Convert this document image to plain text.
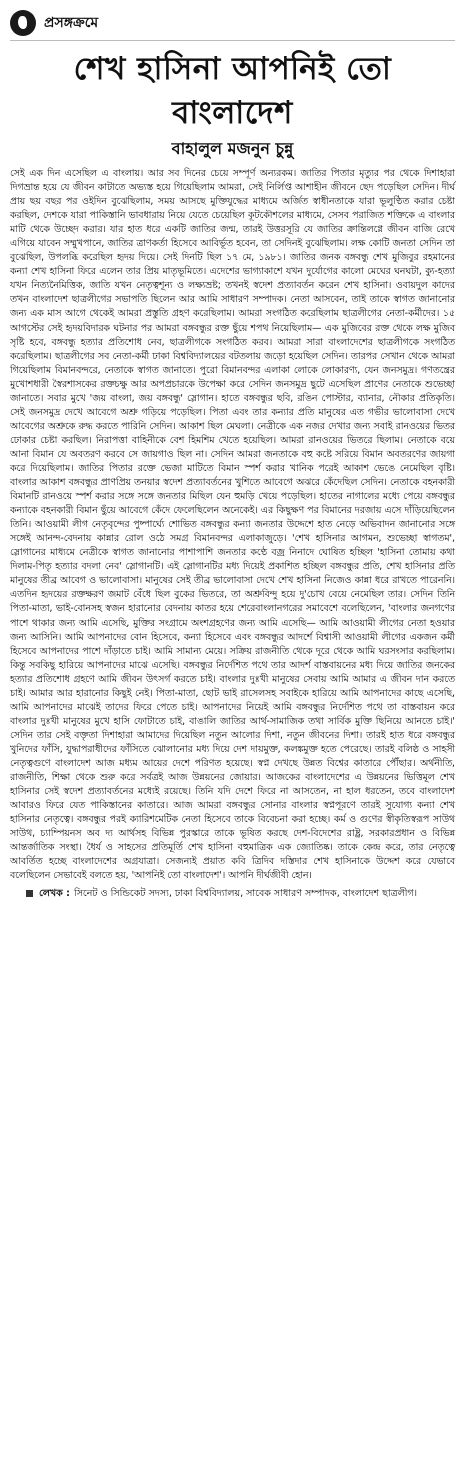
প্রসঙ্গক্রমে
শেখ হাসিনা আপনিই তো বাংলাদেশ
বাহালুল মজনুন চুন্নু

সেই এক দিন এসেছিল এ বাংলায়। আর সব দিনের চেয়ে সম্পূর্ণ অন্যরকম। জাতির পিতার মৃত্যুর পর থেকে দিশাহারা দিগভ্রান্ত হয়ে যে জীবন কাটাতে অভ্যস্ত হয়ে গিয়েছিলাম আমরা, সেই নির্লিপ্ত আশাহীন জীবনে ছেদ পড়েছিল সেদিন। দীর্ঘ প্রায় ছয় বছর পর ওইদিন বুঝেছিলাম, সময় আসছে মুক্তিযুদ্ধের মাধ্যমে অর্জিত স্বাধীনতাকে যারা ভূলুণ্ঠিত করার চেষ্টা করছিল, দেশকে যারা পাকিস্তানি ভাবধারায় নিয়ে যেতে চেয়েছিল কূটকৌশলের মাধ্যমে, সেসব পরাজিত শক্তিকে এ বাংলার মাটি থেকে উচ্ছেদ করার। যার হাত ধরে একটি জাতির জন্ম, তারই উত্তরসূরি যে জাতির ক্রান্তিলগ্নে জীবন বাজি রেখে এগিয়ে যাবেন সম্মুখপানে, জাতির ত্রাণকর্তা হিসেবে আবির্ভূত হবেন, তা সেদিনই বুঝেছিলাম। লক্ষ কোটি জনতা সেদিন তা বুঝেছিল, উপলব্ধি করেছিল হৃদয় দিয়ে। সেই দিনটি ছিল ১৭ মে, ১৯৮১। জাতির জনক বঙ্গবন্ধু শেখ মুজিবুর রহমানের কন্যা শেখ হাসিনা ফিরে এলেন তার প্রিয় মাতৃভূমিতে। এদেশের ভাগ্যাকাশে যখন দুর্যোগের কালো মেঘের ঘনঘটা, ক্যু-হত্যা যখন নিত্যনৈমিত্তিক, জাতি যখন নেতৃত্বশূন্য ও লক্ষ্যভ্রষ্ট; তখনই স্বদেশ প্রত্যাবর্তন করেন শেখ হাসিনা। ওবায়দুল কাদের তখন বাংলাদেশ ছাত্রলীগের সভাপতি ছিলেন আর আমি সাধারণ সম্পাদক। নেতা আসবেন, তাই তাকে স্বাগত জানানোর জন্য এক মাস আগে থেকেই আমরা প্রস্তুতি গ্রহণ করেছিলাম। আমরা সংগঠিত করেছিলাম ছাত্রলীগের নেতা-কর্মীদের। ১৫ আগস্টের সেই হৃদয়বিদারক ঘটনার পর আমরা বঙ্গবন্ধুর রক্ত ছুঁয়ে শপথ নিয়েছিলাম— এক মুজিবের রক্ত থেকে লক্ষ মুজিব সৃষ্টি হবে, বঙ্গবন্ধু হত্যার প্রতিশোধ নেব, ছাত্রলীগকে সংগঠিত করব। আমরা সারা বাংলাদেশের ছাত্রলীগকে সংগঠিত করেছিলাম। ছাত্রলীগের সব নেতা-কর্মী ঢাকা বিশ্ববিদ্যালয়ের বটতলায় জড়ো হয়েছিল সেদিন। তারপর সেখান থেকে আমরা গিয়েছিলাম বিমানবন্দরে, নেতাকে স্বাগত জানাতে। পুরো বিমানবন্দর এলাকা লোকে লোকারণ্য, যেন জনসমুদ্র। গণতন্ত্রের মুখোশধারী স্বৈরশাসকের রক্তচক্ষু আর অপপ্রচারকে উপেক্ষা করে সেদিন জনসমুদ্র ছুটে এসেছিল প্রাণের নেতাকে শুভেচ্ছা জানাতে। সবার মুখে 'জয় বাংলা, জয় বঙ্গবন্ধু' স্লোগান। হাতে বঙ্গবন্ধুর ছবি, রঙিন পোস্টার, ব্যানার, নৌকার প্রতিকৃতি। সেই জনসমুদ্র দেখে আবেগে অশ্রু গড়িয়ে পড়েছিল। পিতা এবং তার কন্যার প্রতি মানুষের এত গভীর ভালোবাসা দেখে আবেগের অশ্রুকে রুদ্ধ করতে পারিনি সেদিন। আকাশ ছিল মেঘলা। নেত্রীকে এক নজর দেখার জন্য সবাই রানওয়ের ভিতর ঢোকার চেষ্টা করছিল। নিরাপত্তা বাহিনীকে বেশ হিমশিম খেতে হয়েছিল। আমরা রানওয়ের ভিতরে ছিলাম। নেতাকে বয়ে আনা বিমান যে অবতরণ করবে সে জায়গাও ছিল না। সেদিন আমরা জনতাকে বহু কষ্টে সরিয়ে বিমান অবতরণের জায়গা করে দিয়েছিলাম। জাতির পিতার রক্তে ভেজা মাটিতে বিমান স্পর্শ করার খানিক পরেই আকাশ ভেঙে নেমেছিল বৃষ্টি। বাংলার আকাশ বঙ্গবন্ধুর প্রাণপ্রিয় তনয়ার স্বদেশ প্রত্যাবর্তনের খুশিতে আবেগে অঝরে কেঁদেছিল সেদিন। নেতাকে বহনকারী বিমানটি রানওয়ে স্পর্শ করার সঙ্গে সঙ্গে জনতার মিছিল যেন হুমড়ি খেয়ে পড়েছিল। হাতের নাগালের মধ্যে পেয়ে বঙ্গবন্ধুর কন্যাকে বহনকারী বিমান ছুঁয়ে আবেগে কেঁদে ফেলেছিলেন অনেকেই। এর কিছুক্ষণ পর বিমানের দরজায় এসে দাঁড়িয়েছিলেন তিনি। আওয়ামী লীগ নেতৃবৃন্দের পুষ্পার্ঘ্যে শোভিত বঙ্গবন্ধুর কন্যা জনতার উদ্দেশে হাত নেড়ে অভিবাদন জানানোর সঙ্গে সঙ্গেই আনন্দ-বেদনায় কান্নার রোল ওঠে সমগ্র বিমানবন্দর এলাকাজুড়ে। 'শেখ হাসিনার আগমন, শুভেচ্ছা স্বাগতম', স্লোগানের মাধ্যমে নেত্রীকে স্বাগত জানানোর পাশাপাশি জনতার কণ্ঠে বজ্র নিনাদে ঘোষিত হচ্ছিল 'হাসিনা তোমায় কথা দিলাম-পিতৃ হত্যার বদলা নেব' স্লোগানটি। এই স্লোগানটির মধ্য দিয়েই প্রকাশিত হচ্ছিল বঙ্গবন্ধুর প্রতি, শেখ হাসিনার প্রতি মানুষের তীব্র আবেগ ও ভালোবাসা। মানুষের সেই তীব্র ভালোবাসা দেখে শেখ হাসিনা নিজেও কান্না ধরে রাখতে পারেননি। এতদিন হৃদয়ের রক্তক্ষরণ জমাট বেঁধে ছিল বুকের ভিতরে, তা অশ্রুবিন্দু হয়ে দু'চোখ বেয়ে নেমেছিল তার। সেদিন তিনি পিতা-মাতা, ভাই-বোনসহ স্বজন হারানোর বেদনায় কাতর হয়ে শেরেবাংলানগরের সমাবেশে বলেছিলেন, 'বাংলার জনগণের পাশে থাকার জন্য আমি এসেছি, মুক্তির সংগ্রামে অংশগ্রহণের জন্য আমি এসেছি— আমি আওয়ামী লীগের নেতা হওয়ার জন্য আসিনি। আমি আপনাদের বোন হিসেবে, কন্যা হিসেবে এবং বঙ্গবন্ধুর আদর্শে বিশ্বাসী আওয়ামী লীগের একজন কর্মী হিসেবে আপনাদের পাশে দাঁড়াতে চাই। আমি সামান্য মেয়ে। সক্রিয় রাজনীতি থেকে দূরে থেকে আমি ঘরসংসার করছিলাম। কিন্তু সবকিছু হারিয়ে আপনাদের মাঝে এসেছি। বঙ্গবন্ধুর নির্দেশিত পথে তার আদর্শ বাস্তবায়নের মধ্য দিয়ে জাতির জনকের হত্যার প্রতিশোধ গ্রহণে আমি জীবন উৎসর্গ করতে চাই। বাংলার দুঃখী মানুষের সেবায় আমি আমার এ জীবন দান করতে চাই। আমার আর হারানোর কিছুই নেই। পিতা-মাতা, ছোট ভাই রাসেলসহ সবাইকে হারিয়ে আমি আপনাদের কাছে এসেছি, আমি আপনাদের মাঝেই তাদের ফিরে পেতে চাই। আপনাদের নিয়েই আমি বঙ্গবন্ধুর নির্দেশিত পথে তা বাস্তবায়ন করে বাংলার দুঃখী মানুষের মুখে হাসি ফোটাতে চাই, বাঙালি জাতির আর্থ-সামাজিক তথা সার্বিক মুক্তি ছিনিয়ে আনতে চাই।' সেদিন তার সেই বক্তৃতা দিশাহারা আমাদের দিয়েছিল নতুন আলোর দিশা, নতুন জীবনের দিশা। তারই হাত ধরে বঙ্গবন্ধুর খুনিদের ফাঁসি, যুদ্ধাপরাধীদের ফাঁসিতে ঝোলানোর মধ্য দিয়ে দেশ দায়মুক্ত, কলঙ্কমুক্ত হতে পেরেছে। তারই বলিষ্ঠ ও সাহসী নেতৃত্বগুণে বাংলাদেশ আজ মধ্যম আয়ের দেশে পরিণত হয়েছে। স্বপ্ন দেখছে উন্নত বিশ্বের কাতারে পৌঁছার। অর্থনীতি, রাজনীতি, শিক্ষা থেকে শুরু করে সর্বত্রই আজ উন্নয়নের জোয়ার। আজকের বাংলাদেশের এ উন্নয়নের ভিত্তিমূল শেখ হাসিনার সেই স্বদেশ প্রত্যাবর্তনের মধ্যেই রয়েছে। তিনি যদি দেশে ফিরে না আসতেন, না হাল ধরতেন, তবে বাংলাদেশ আবারও ফিরে যেত পাকিস্তানের কাতারে। আজ আমরা বঙ্গবন্ধুর সোনার বাংলার স্বপ্নপূরণে তারই সুযোগ্য কন্যা শেখ হাসিনার নেতৃত্বে। বঙ্গবন্ধুর পরই ক্যারিশমেটিক নেতা হিসেবে তাকে বিবেচনা করা হচ্ছে। কর্ম ও গুণের স্বীকৃতিস্বরূপ সাউথ সাউথ, চ্যাম্পিয়নস অব দ্য আর্থসহ বিভিন্ন পুরস্কারে তাকে ভূষিত করছে দেশ-বিদেশের রাষ্ট্র, সরকারপ্রধান ও বিভিন্ন আন্তর্জাতিক সংস্থা। ধৈর্য ও সাহসের প্রতিমূর্তি শেখ হাসিনা বহুমাত্রিক এক জ্যোতিষ্ক। তাকে কেন্দ্র করে, তার নেতৃত্বে আবর্তিত হচ্ছে বাংলাদেশের অগ্রযাত্রা। সেজন্যই প্রয়াত কবি ত্রিদিব দস্তিদার শেখ হাসিনাকে উদ্দেশ করে যেভাবে বলেছিলেন সেভাবেই বলতে হয়, 'আপনিই তো বাংলাদেশ'। আপনি দীর্ঘজীবী হোন।

লেখক : সিনেট ও সিন্ডিকেট সদস্য, ঢাকা বিশ্ববিদ্যালয়, সাবেক সাধারণ সম্পাদক, বাংলাদেশ ছাত্রলীগ।
